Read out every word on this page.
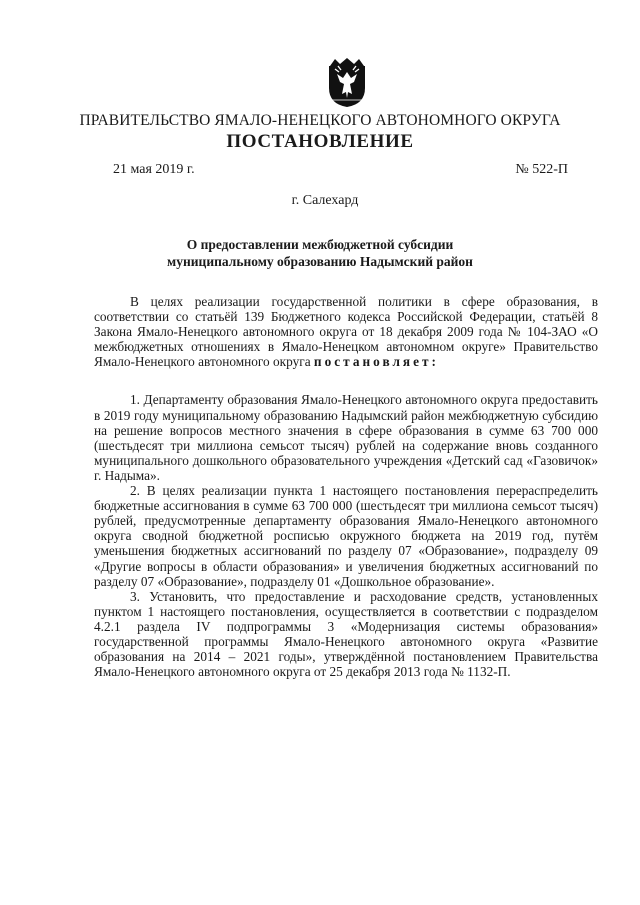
ПРАВИТЕЛЬСТВО ЯМАЛО-НЕНЕЦКОГО АВТОНОМНОГО ОКРУГА
ПОСТАНОВЛЕНИЕ
21 мая 2019 г.	№ 522-П
г. Салехард
О предоставлении межбюджетной субсидии
муниципальному образованию Надымский район

В целях реализации государственной политики в сфере образования, в соответствии со статьёй 139 Бюджетного кодекса Российской Федерации, статьёй 8 Закона Ямало-Ненецкого автономного округа от 18 декабря 2009 года № 104-ЗАО «О межбюджетных отношениях в Ямало-Ненецком автономном округе» Правительство Ямало-Ненецкого автономного округа постановляет:

1. Департаменту образования Ямало-Ненецкого автономного округа предоставить в 2019 году муниципальному образованию Надымский район межбюджетную субсидию на решение вопросов местного значения в сфере образования в сумме 63 700 000 (шестьдесят три миллиона семьсот тысяч) рублей на содержание вновь созданного муниципального дошкольного образовательного учреждения «Детский сад «Газовичок» г. Надыма».

2. В целях реализации пункта 1 настоящего постановления перераспределить бюджетные ассигнования в сумме 63 700 000 (шестьдесят три миллиона семьсот тысяч) рублей, предусмотренные департаменту образования Ямало-Ненецкого автономного округа сводной бюджетной росписью окружного бюджета на 2019 год, путём уменьшения бюджетных ассигнований по разделу 07 «Образование», подразделу 09 «Другие вопросы в области образования» и увеличения бюджетных ассигнований по разделу 07 «Образование», подразделу 01 «Дошкольное образование».

3. Установить, что предоставление и расходование средств, установленных пунктом 1 настоящего постановления, осуществляется в соответствии с подразделом 4.2.1 раздела IV подпрограммы 3 «Модернизация системы образования» государственной программы Ямало-Ненецкого автономного округа «Развитие образования на 2014 – 2021 годы», утверждённой постановлением Правительства Ямало-Ненецкого автономного округа от 25 декабря 2013 года № 1132-П.
